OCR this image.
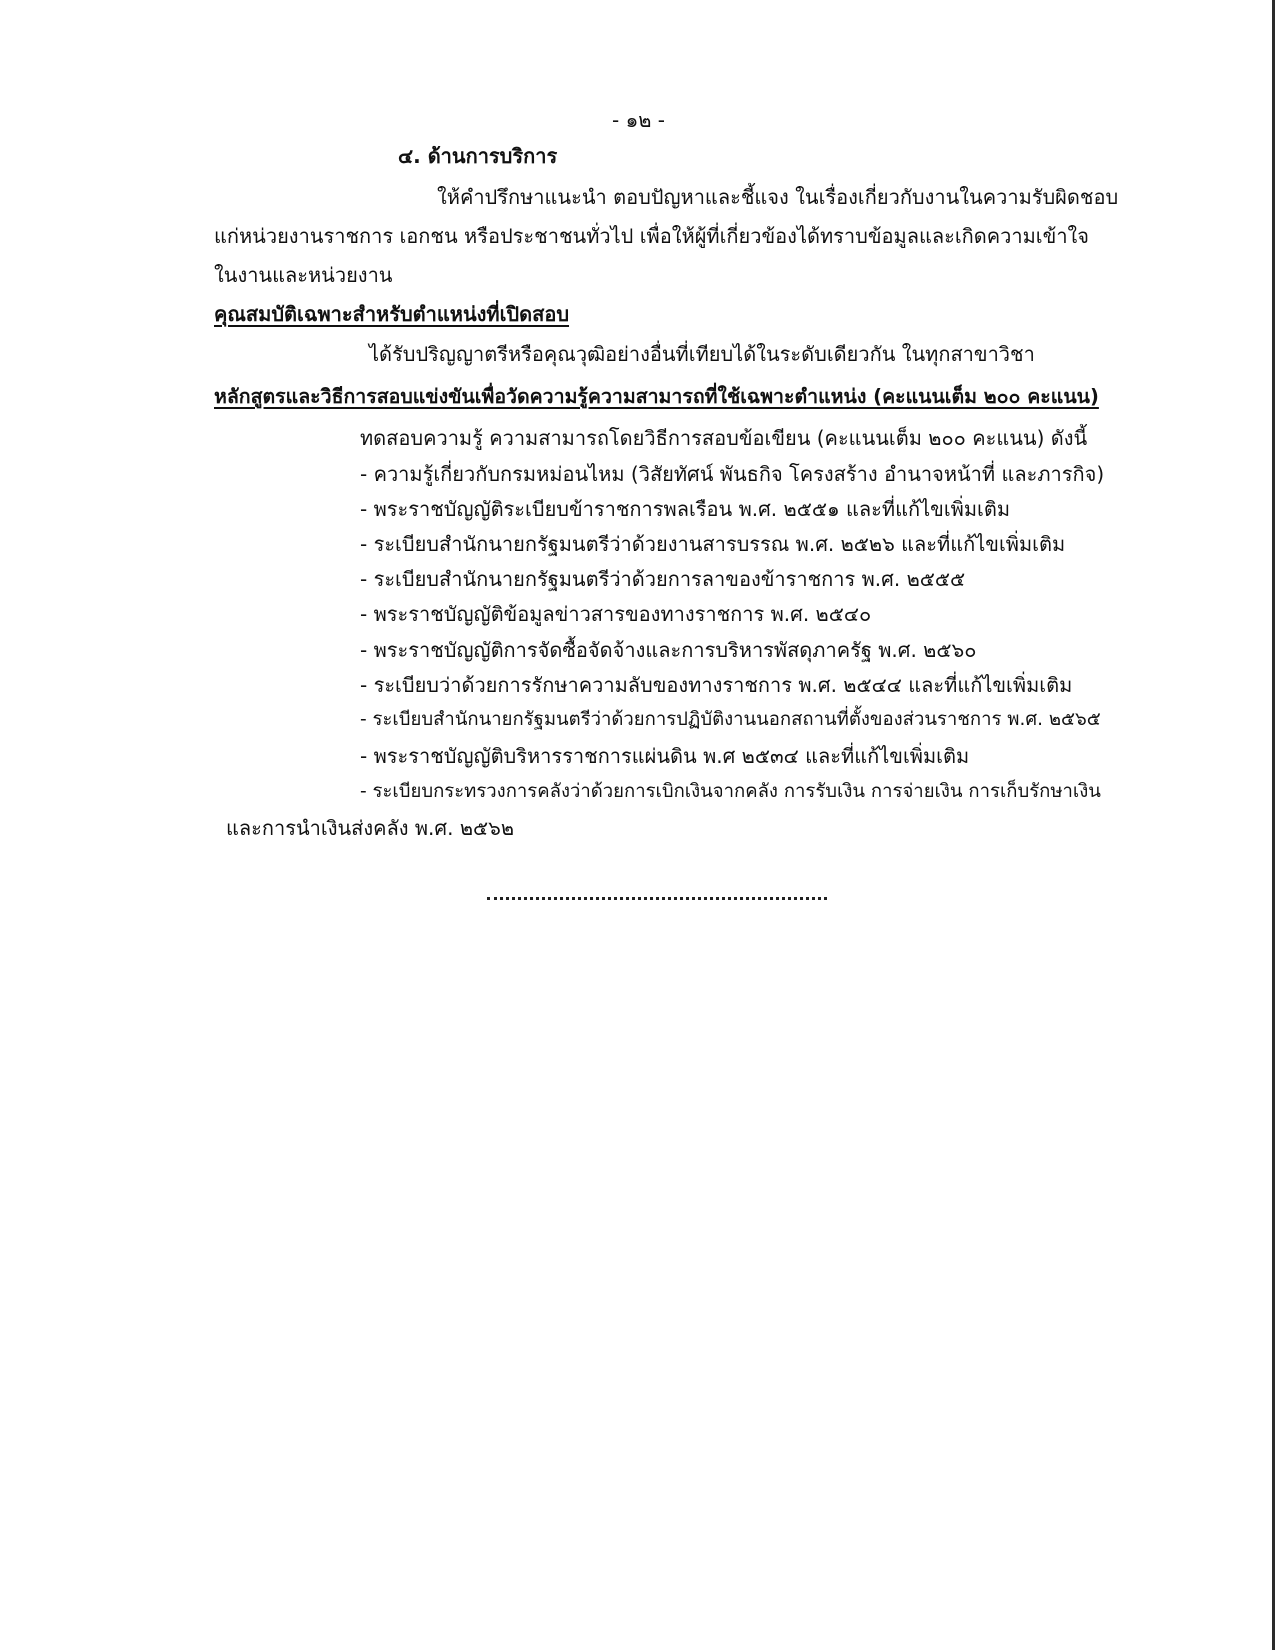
- ๑๒ -
๔. ด้านการบริการ
ให้คำปรึกษาแนะนำ ตอบปัญหาและชี้แจง ในเรื่องเกี่ยวกับงานในความรับผิดชอบ
แก่หน่วยงานราชการ เอกชน หรือประชาชนทั่วไป เพื่อให้ผู้ที่เกี่ยวข้องได้ทราบข้อมูลและเกิดความเข้าใจ
ในงานและหน่วยงาน
คุณสมบัติเฉพาะสำหรับตำแหน่งที่เปิดสอบ
ได้รับปริญญาตรีหรือคุณวุฒิอย่างอื่นที่เทียบได้ในระดับเดียวกัน ในทุกสาขาวิชา
หลักสูตรและวิธีการสอบแข่งขันเพื่อวัดความรู้ความสามารถที่ใช้เฉพาะตำแหน่ง (คะแนนเต็ม ๒๐๐ คะแนน)
ทดสอบความรู้ ความสามารถโดยวิธีการสอบข้อเขียน (คะแนนเต็ม ๒๐๐ คะแนน) ดังนี้
- ความรู้เกี่ยวกับกรมหม่อนไหม (วิสัยทัศน์ พันธกิจ โครงสร้าง อำนาจหน้าที่ และภารกิจ)
- พระราชบัญญัติระเบียบข้าราชการพลเรือน พ.ศ. ๒๕๕๑ และที่แก้ไขเพิ่มเติม
- ระเบียบสำนักนายกรัฐมนตรีว่าด้วยงานสารบรรณ พ.ศ. ๒๕๒๖ และที่แก้ไขเพิ่มเติม
- ระเบียบสำนักนายกรัฐมนตรีว่าด้วยการลาของข้าราชการ พ.ศ. ๒๕๕๕
- พระราชบัญญัติข้อมูลข่าวสารของทางราชการ พ.ศ. ๒๕๔๐
- พระราชบัญญัติการจัดซื้อจัดจ้างและการบริหารพัสดุภาครัฐ พ.ศ. ๒๕๖๐
- ระเบียบว่าด้วยการรักษาความลับของทางราชการ พ.ศ. ๒๕๔๔ และที่แก้ไขเพิ่มเติม
- ระเบียบสำนักนายกรัฐมนตรีว่าด้วยการปฏิบัติงานนอกสถานที่ตั้งของส่วนราชการ พ.ศ. ๒๕๖๕
- พระราชบัญญัติบริหารราชการแผ่นดิน พ.ศ ๒๕๓๔ และที่แก้ไขเพิ่มเติม
- ระเบียบกระทรวงการคลังว่าด้วยการเบิกเงินจากคลัง การรับเงิน การจ่ายเงิน การเก็บรักษาเงิน
และการนำเงินส่งคลัง พ.ศ. ๒๕๖๒
